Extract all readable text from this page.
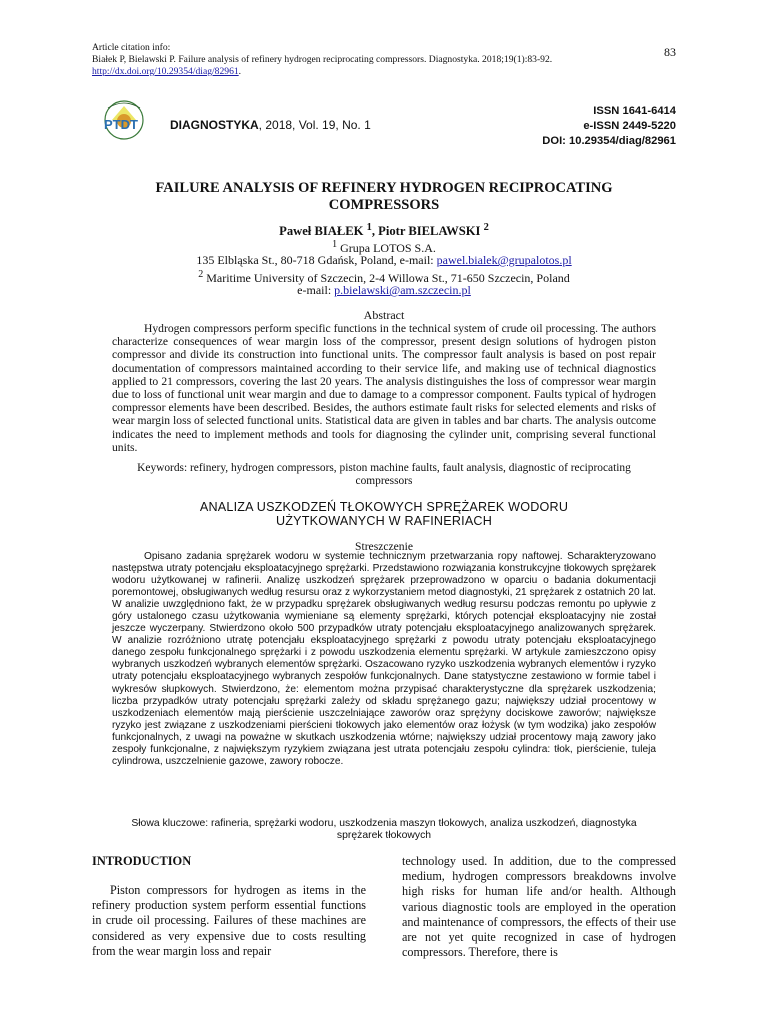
Article citation info:
Białek P, Bielawski P. Failure analysis of refinery hydrogen reciprocating compressors. Diagnostyka. 2018;19(1):83-92.
http://dx.doi.org/10.29354/diag/82961.
83
PTDT	DIAGNOSTYKA, 2018, Vol. 19, No. 1
ISSN 1641-6414
e-ISSN 2449-5220
DOI: 10.29354/diag/82961
FAILURE ANALYSIS OF REFINERY HYDROGEN RECIPROCATING
COMPRESSORS
Paweł BIAŁEK $^1$, Piotr BIELAWSKI $^2$
$^1$ Grupa LOTOS S.A.
135 Elbląska St., 80-718 Gdańsk, Poland, e-mail: pawel.bialek@grupalotos.pl
$^2$ Maritime University of Szczecin, 2-4 Willowa St., 71-650 Szczecin, Poland
e-mail: p.bielawski@am.szczecin.pl
Abstract
Hydrogen compressors perform specific functions in the technical system of crude oil processing. The authors characterize consequences of wear margin loss of the compressor, present design solutions of hydrogen piston compressor and divide its construction into functional units. The compressor fault analysis is based on post repair documentation of compressors maintained according to their service life, and making use of technical diagnostics applied to 21 compressors, covering the last 20 years. The analysis distinguishes the loss of compressor wear margin due to loss of functional unit wear margin and due to damage to a compressor component. Faults typical of hydrogen compressor elements have been described. Besides, the authors estimate fault risks for selected elements and risks of wear margin loss of selected functional units. Statistical data are given in tables and bar charts. The analysis outcome indicates the need to implement methods and tools for diagnosing the cylinder unit, comprising several functional units.
Keywords: refinery, hydrogen compressors, piston machine faults, fault analysis, diagnostic of reciprocating compressors
ANALIZA USZKODZEŃ TŁOKOWYCH SPRĘŻAREK WODORU
UŻYTKOWANYCH W RAFINERIACH
Streszczenie
Opisano zadania sprężarek wodoru w systemie technicznym przetwarzania ropy naftowej. Scharakteryzowano następstwa utraty potencjału eksploatacyjnego sprężarki. Przedstawiono rozwiązania konstrukcyjne tłokowych sprężarek wodoru użytkowanej w rafinerii. Analizę uszkodzeń sprężarek przeprowadzono w oparciu o badania dokumentacji poremontowej, obsługiwanych według resursu oraz z wykorzystaniem metod diagnostyki, 21 sprężarek z ostatnich 20 lat. W analizie uwzględniono fakt, że w przypadku sprężarek obsługiwanych według resursu podczas remontu po upływie z góry ustalonego czasu użytkowania wymieniane są elementy sprężarki, których potencjał eksploatacyjny nie został jeszcze wyczerpany. Stwierdzono około 500 przypadków utraty potencjału eksploatacyjnego analizowanych sprężarek. W analizie rozróżniono utratę potencjału eksploatacyjnego sprężarki z powodu utraty potencjału eksploatacyjnego danego zespołu funkcjonalnego sprężarki i z powodu uszkodzenia elementu sprężarki. W artykule zamieszczono opisy wybranych uszkodzeń wybranych elementów sprężarki. Oszacowano ryzyko uszkodzenia wybranych elementów i ryzyko utraty potencjału eksploatacyjnego wybranych zespołów funkcjonalnych. Dane statystyczne zestawiono w formie tabel i wykresów słupkowych. Stwierdzono, że: elementom można przypisać charakterystyczne dla sprężarek uszkodzenia; liczba przypadków utraty potencjału sprężarki zależy od składu sprężanego gazu; największy udział procentowy w uszkodzeniach elementów mają pierścienie uszczelniające zaworów oraz sprężyny dociskowe zaworów; największe ryzyko jest związane z uszkodzeniami pierścieni tłokowych jako elementów oraz łożysk (w tym wodzika) jako zespołów funkcjonalnych, z uwagi na poważne w skutkach uszkodzenia wtórne; największy udział procentowy mają zawory jako zespoły funkcjonalne, z największym ryzykiem związana jest utrata potencjału zespołu cylindra: tłok, pierścienie, tuleja cylindrowa, uszczelnienie gazowe, zawory robocze.
Słowa kluczowe: rafineria, sprężarki wodoru, uszkodzenia maszyn tłokowych, analiza uszkodzeń, diagnostyka sprężarek tłokowych
INTRODUCTION
Piston compressors for hydrogen as items in the refinery production system perform essential functions in crude oil processing. Failures of these machines are considered as very expensive due to costs resulting from the wear margin loss and repair
technology used. In addition, due to the compressed medium, hydrogen compressors breakdowns involve high risks for human life and/or health. Although various diagnostic tools are employed in the operation and maintenance of compressors, the effects of their use are not yet quite recognized in case of hydrogen compressors. Therefore, there is
